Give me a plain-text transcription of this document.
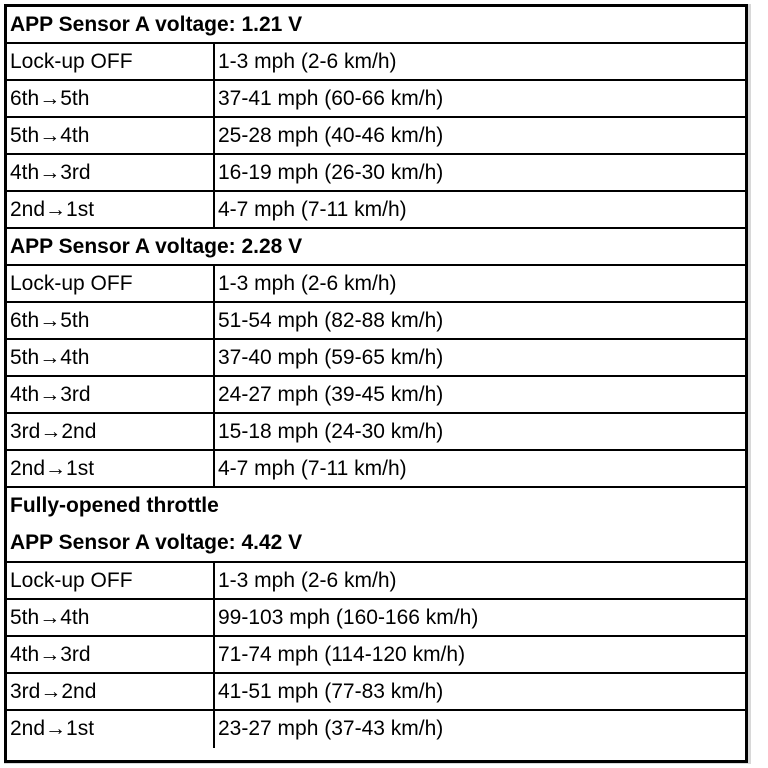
APP Sensor A voltage: 1.21 V
Lock-up OFF	1-3 mph (2-6 km/h)
6th→5th	37-41 mph (60-66 km/h)
5th→4th	25-28 mph (40-46 km/h)
4th→3rd	16-19 mph (26-30 km/h)
2nd→1st	4-7 mph (7-11 km/h)
APP Sensor A voltage: 2.28 V
Lock-up OFF	1-3 mph (2-6 km/h)
6th→5th	51-54 mph (82-88 km/h)
5th→4th	37-40 mph (59-65 km/h)
4th→3rd	24-27 mph (39-45 km/h)
3rd→2nd	15-18 mph (24-30 km/h)
2nd→1st	4-7 mph (7-11 km/h)
Fully-opened throttle
APP Sensor A voltage: 4.42 V
Lock-up OFF	1-3 mph (2-6 km/h)
5th→4th	99-103 mph (160-166 km/h)
4th→3rd	71-74 mph (114-120 km/h)
3rd→2nd	41-51 mph (77-83 km/h)
2nd→1st	23-27 mph (37-43 km/h)
